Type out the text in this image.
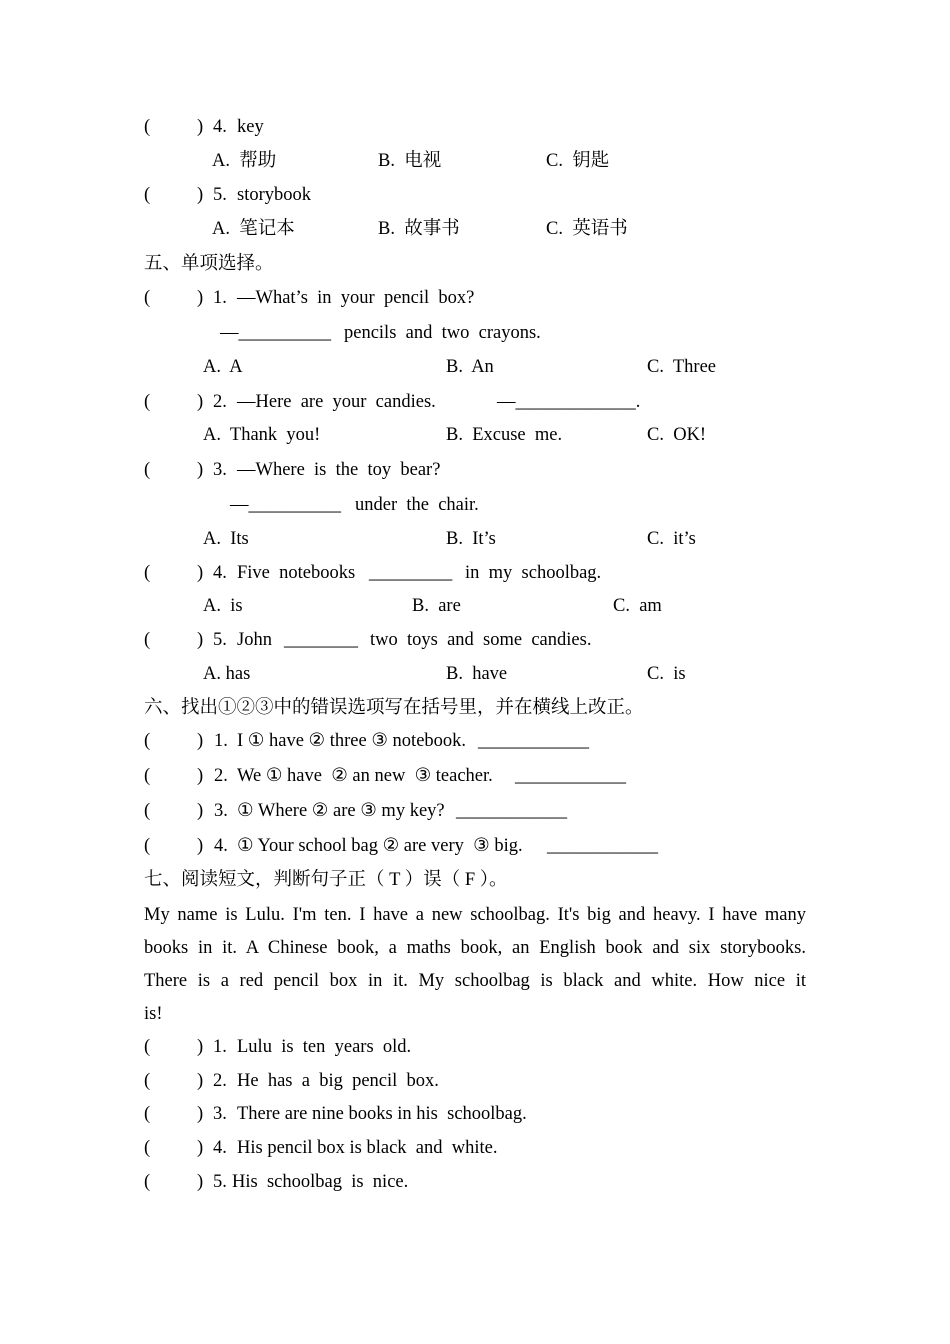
(	) 4. key
A.  帮助	B.  电视	C.  钥匙
(	) 5. storybook
A.  笔记本	B.  故事书	C.  英语书
五、单项选择。
(	) 1. —What’s  in  your  pencil  box?
—__________ pencils  and  two  crayons.
A.  A	B.  An	C.  Three
(	) 2. —Here  are  your  candies.	—_____________.
A.  Thank  you!	B.  Excuse  me.	C.  OK!
(	) 3. —Where  is  the  toy  bear?
—__________ under  the  chair.
A.  Its	B.  It’s	C.  it’s
(	) 4. Five  notebooks _________ in  my  schoolbag.
A.  is	B.  are	C.  am
(	) 5. John ________ two  toys  and  some  candies.
A. has	B.  have	C.  is
六、找出①②③中的错误选项写在括号里，并在横线上改正。
(	) 1. I ① have ② three ③ notebook. ____________
(	) 2. We ① have  ② an new  ③ teacher. ____________
(	) 3. ① Where ② are ③ my key? ____________
(	) 4. ① Your school bag ② are very  ③ big. ____________
七、阅读短文，判断句子正（ T ）误（ F ）。
My name is Lulu. I'm ten. I have a new schoolbag. It's big and heavy. I have many
books in it. A Chinese book, a maths book, an English book and six storybooks.
There is a red pencil box in it. My schoolbag is black and white. How nice it
is!
(	) 1. Lulu  is  ten  years  old.
(	) 2. He  has  a  big  pencil  box.
(	) 3. There are nine books in his  schoolbag.
(	) 4. His pencil box is black  and  white.
(	) 5. His  schoolbag  is  nice.
